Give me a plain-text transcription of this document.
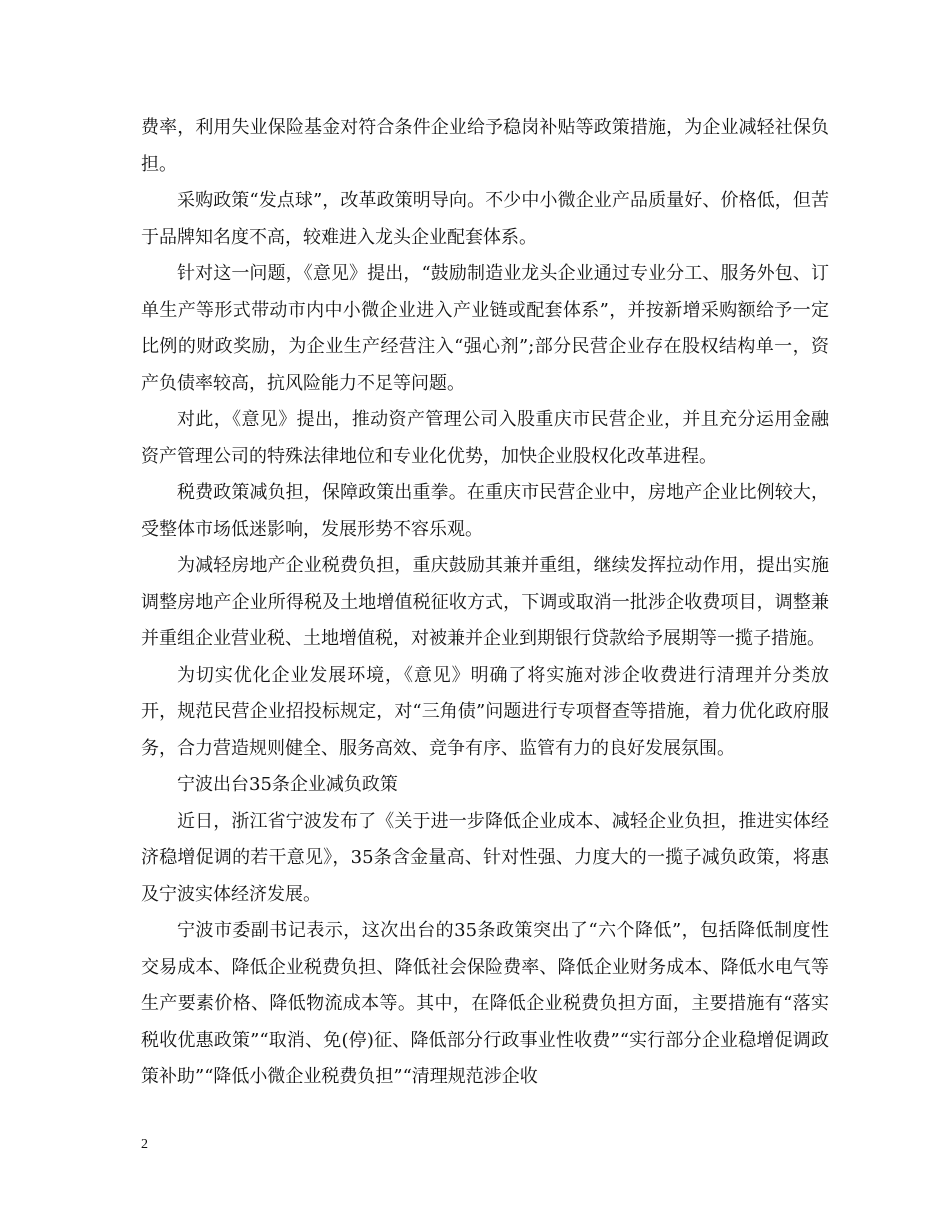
费率，利用失业保险基金对符合条件企业给予稳岗补贴等政策措施，为企业减轻社保负担。

采购政策“发点球”，改革政策明导向。不少中小微企业产品质量好、价格低，但苦于品牌知名度不高，较难进入龙头企业配套体系。

针对这一问题，《意见》提出，“鼓励制造业龙头企业通过专业分工、服务外包、订单生产等形式带动市内中小微企业进入产业链或配套体系”，并按新增采购额给予一定比例的财政奖励，为企业生产经营注入“强心剂”;部分民营企业存在股权结构单一，资产负债率较高，抗风险能力不足等问题。

对此，《意见》提出，推动资产管理公司入股重庆市民营企业，并且充分运用金融资产管理公司的特殊法律地位和专业化优势，加快企业股权化改革进程。

税费政策减负担，保障政策出重拳。在重庆市民营企业中，房地产企业比例较大，受整体市场低迷影响，发展形势不容乐观。

为减轻房地产企业税费负担，重庆鼓励其兼并重组，继续发挥拉动作用，提出实施调整房地产企业所得税及土地增值税征收方式，下调或取消一批涉企收费项目，调整兼并重组企业营业税、土地增值税，对被兼并企业到期银行贷款给予展期等一揽子措施。

为切实优化企业发展环境，《意见》明确了将实施对涉企收费进行清理并分类放开，规范民营企业招投标规定，对“三角债”问题进行专项督查等措施，着力优化政府服务，合力营造规则健全、服务高效、竞争有序、监管有力的良好发展氛围。

宁波出台35条企业减负政策

近日，浙江省宁波发布了《关于进一步降低企业成本、减轻企业负担，推进实体经济稳增促调的若干意见》，35条含金量高、针对性强、力度大的一揽子减负政策，将惠及宁波实体经济发展。

宁波市委副书记表示，这次出台的35条政策突出了“六个降低”，包括降低制度性交易成本、降低企业税费负担、降低社会保险费率、降低企业财务成本、降低水电气等生产要素价格、降低物流成本等。其中，在降低企业税费负担方面，主要措施有“落实税收优惠政策”“取消、免(停)征、降低部分行政事业性收费”“实行部分企业稳增促调政策补助”“降低小微企业税费负担”“清理规范涉企收

2
